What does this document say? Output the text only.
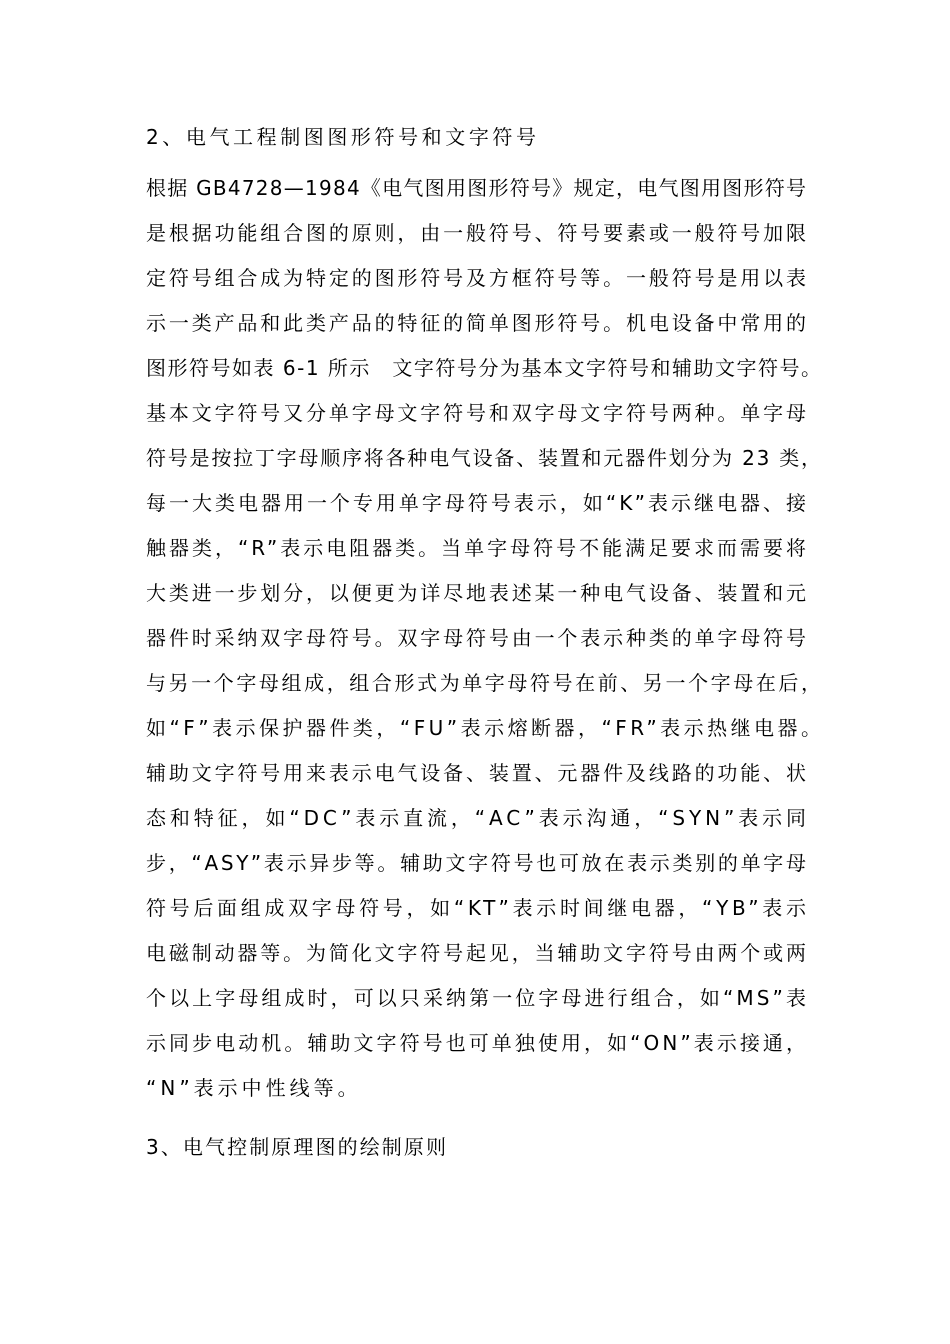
2、电气工程制图图形符号和文字符号
根据 GB4728—1984《电气图用图形符号》规定，电气图用图形符号
是根据功能组合图的原则，由一般符号、符号要素或一般符号加限
定符号组合成为特定的图形符号及方框符号等。一般符号是用以表
示一类产品和此类产品的特征的简单图形符号。机电设备中常用的
图形符号如表 6-1 所示　文字符号分为基本文字符号和辅助文字符号。
基本文字符号又分单字母文字符号和双字母文字符号两种。单字母
符号是按拉丁字母顺序将各种电气设备、装置和元器件划分为 23 类，
每一大类电器用一个专用单字母符号表示，如“K”表示继电器、接
触器类，“R”表示电阻器类。当单字母符号不能满足要求而需要将
大类进一步划分，以便更为详尽地表述某一种电气设备、装置和元
器件时采纳双字母符号。双字母符号由一个表示种类的单字母符号
与另一个字母组成，组合形式为单字母符号在前、另一个字母在后，
如“F”表示保护器件类，“FU”表示熔断器，“FR”表示热继电器。
辅助文字符号用来表示电气设备、装置、元器件及线路的功能、状
态和特征，如“DC”表示直流，“AC”表示沟通，“SYN”表示同
步，“ASY”表示异步等。辅助文字符号也可放在表示类别的单字母
符号后面组成双字母符号，如“KT”表示时间继电器，“YB”表示
电磁制动器等。为简化文字符号起见，当辅助文字符号由两个或两
个以上字母组成时，可以只采纳第一位字母进行组合，如“MS”表
示同步电动机。辅助文字符号也可单独使用，如“ON”表示接通，
“N”表示中性线等。
3、电气控制原理图的绘制原则
